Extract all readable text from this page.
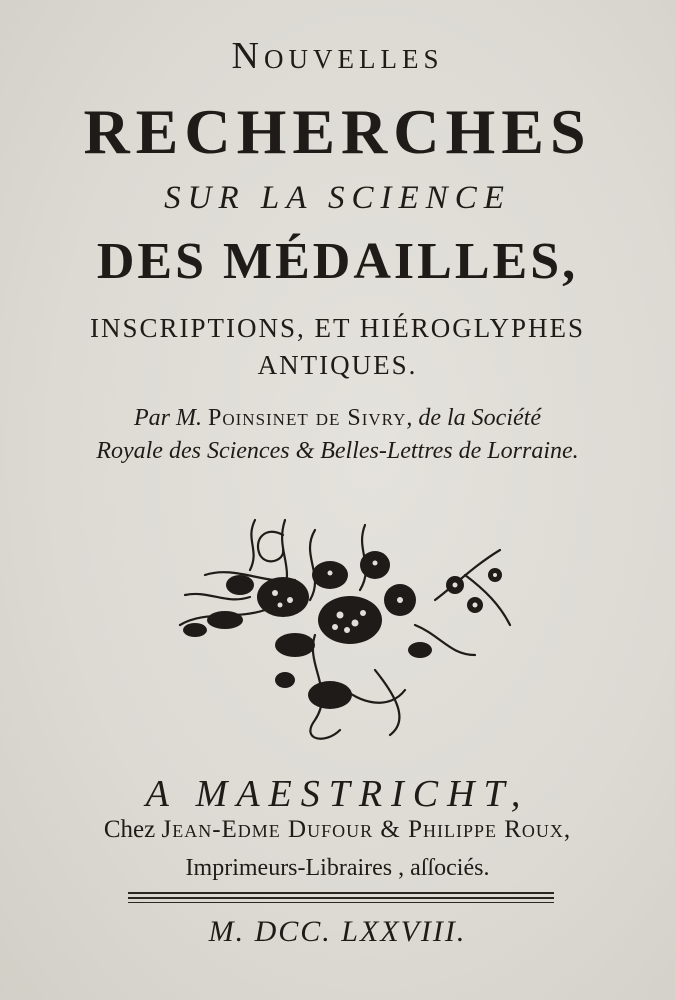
Nouvelles
RECHERCHES
SUR LA SCIENCE
DES MÉDAILLES,
INSCRIPTIONS, ET HIÉROGLYPHES
ANTIQUES.
Par M. Poinsinet de Sivry, de la Société
Royale des Sciences & Belles-Lettres de Lorraine.
A MAESTRICHT,
Chez Jean-Edme Dufour & Philippe Roux,
Imprimeurs-Libraires , aſſociés.
M. DCC. LXXVIII.
